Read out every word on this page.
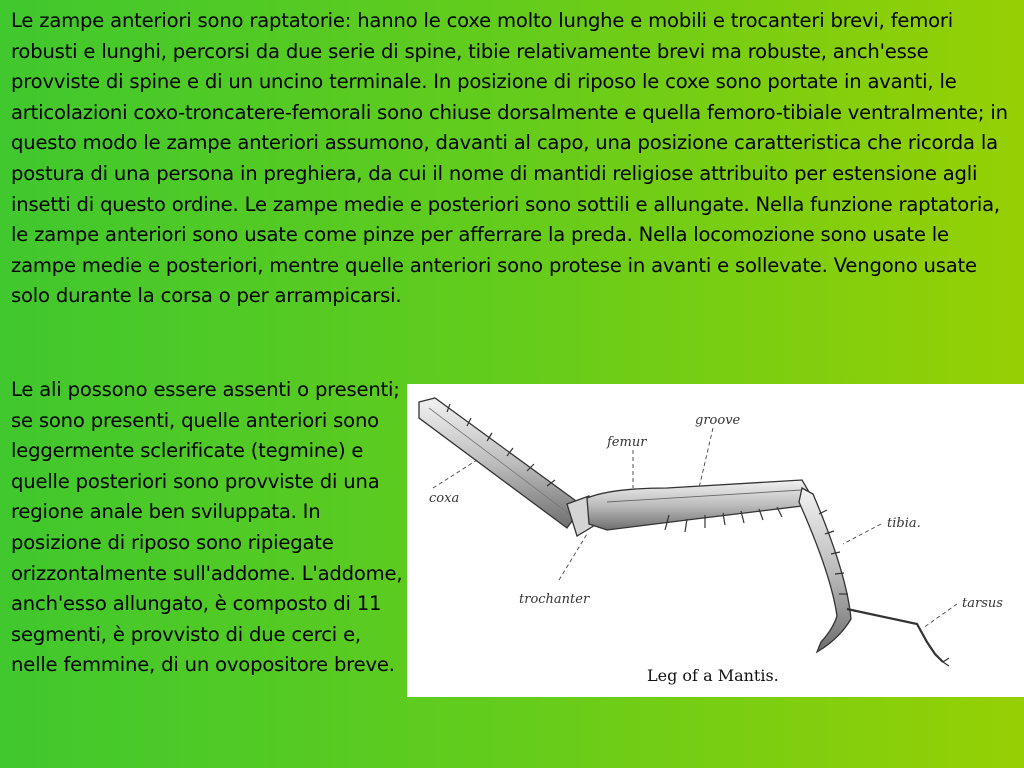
Le zampe anteriori sono raptatorie: hanno le coxe molto lunghe e mobili e trocanteri brevi, femori robusti e lunghi, percorsi da due serie di spine, tibie relativamente brevi ma robuste, anch'esse provviste di spine e di un uncino terminale. In posizione di riposo le coxe sono portate in avanti, le articolazioni coxo-troncatere-femorali sono chiuse dorsalmente e quella femoro-tibiale ventralmente; in questo modo le zampe anteriori assumono, davanti al capo, una posizione caratteristica che ricorda la postura di una persona in preghiera, da cui il nome di mantidi religiose attribuito per estensione agli insetti di questo ordine. Le zampe medie e posteriori sono sottili e allungate. Nella funzione raptatoria, le zampe anteriori sono usate come pinze per afferrare la preda. Nella locomozione sono usate le zampe medie e posteriori, mentre quelle anteriori sono protese in avanti e sollevate. Vengono usate solo durante la corsa o per arrampicarsi.

Le ali possono essere assenti o presenti; se sono presenti, quelle anteriori sono leggermente sclerificate (tegmine) e quelle posteriori sono provviste di una regione anale ben sviluppata. In posizione di riposo sono ripiegate orizzontalmente sull'addome. L'addome, anch'esso allungato, è composto di 11 segmenti, è provvisto di due cerci e, nelle femmine, di un ovopositore breve.

coxa
femur
groove
tibia.
trochanter	tarsus
Leg of a Mantis.
